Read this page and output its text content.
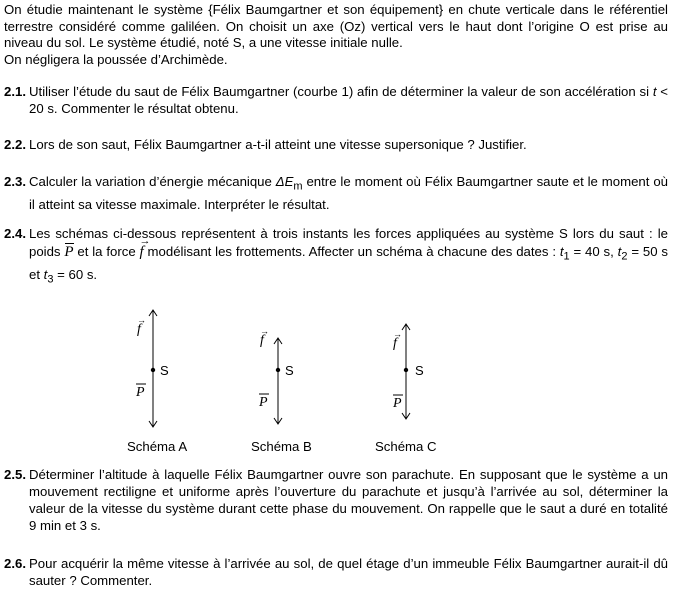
On étudie maintenant le système {Félix Baumgartner et son équipement} en chute verticale dans le référentiel terrestre considéré comme galiléen. On choisit un axe (Oz) vertical vers le haut dont l’origine O est prise au niveau du sol. Le système étudié, noté S, a une vitesse initiale nulle.

On négligera la poussée d’Archimède.

2.1. Utiliser l’étude du saut de Félix Baumgartner (courbe 1) afin de déterminer la valeur de son accélération si t < 20 s. Commenter le résultat obtenu.
2.2. Lors de son saut, Félix Baumgartner a-t-il atteint une vitesse supersonique ? Justifier.
2.3. Calculer la variation d’énergie mécanique $\Delta E_m$ entre le moment où Félix Baumgartner saute et le moment où il atteint sa vitesse maximale. Interpréter le résultat.
2.4. Les schémas ci-dessous représentent à trois instants les forces appliquées au système S lors du saut : le poids P et la force → f modélisant les frottements. Affecter un schéma à chacune des dates : $t_1 = 40$ s, $t_2 = 50$ s et $t_3 = 60$ s.
S
f
→
P
S
f
→
P
S
f
→
P
Schéma A	Schéma B	Schéma C
2.5. Déterminer l’altitude à laquelle Félix Baumgartner ouvre son parachute. En supposant que le système a un mouvement rectiligne et uniforme après l’ouverture du parachute et jusqu’à l’arrivée au sol, déterminer la valeur de la vitesse du système durant cette phase du mouvement. On rappelle que le saut a duré en totalité 9 min et 3 s.
2.6. Pour acquérir la même vitesse à l’arrivée au sol, de quel étage d’un immeuble Félix Baumgartner aurait-il dû sauter ? Commenter.
